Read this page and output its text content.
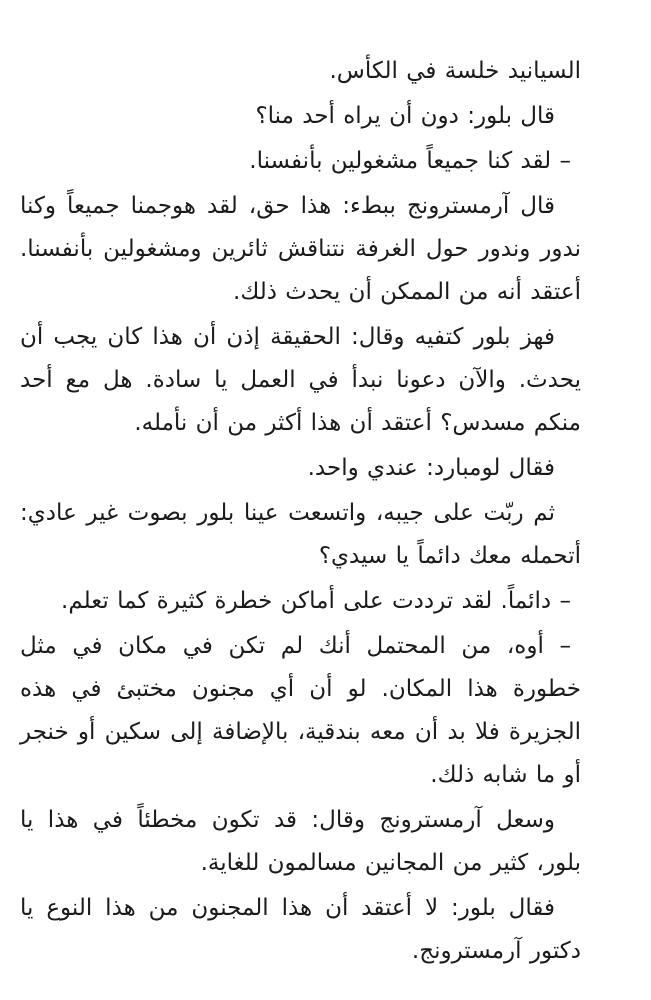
السيانيد خلسة في الكأس.

قال بلور: دون أن يراه أحد منا؟

– لقد كنا جميعاً مشغولين بأنفسنا.

قال آرمسترونج ببطء: هذا حق، لقد هوجمنا جميعاً وكنا ندور وندور حول الغرفة نتناقش ثائرين ومشغولين بأنفسنا. أعتقد أنه من الممكن أن يحدث ذلك.

فهز بلور كتفيه وقال: الحقيقة إذن أن هذا كان يجب أن يحدث. والآن دعونا نبدأ في العمل يا سادة. هل مع أحد منكم مسدس؟ أعتقد أن هذا أكثر من أن نأمله.

فقال لومبارد: عندي واحد.

ثم ربّت على جيبه، واتسعت عينا بلور بصوت غير عادي: أتحمله معك دائماً يا سيدي؟

– دائماً. لقد ترددت على أماكن خطرة كثيرة كما تعلم.

– أوه، من المحتمل أنك لم تكن في مكان في مثل خطورة هذا المكان. لو أن أي مجنون مختبئ في هذه الجزيرة فلا بد أن معه بندقية، بالإضافة إلى سكين أو خنجر أو ما شابه ذلك.

وسعل آرمسترونج وقال: قد تكون مخطئاً في هذا يا بلور، كثير من المجانين مسالمون للغاية.

فقال بلور: لا أعتقد أن هذا المجنون من هذا النوع يا دكتور آرمسترونج.
